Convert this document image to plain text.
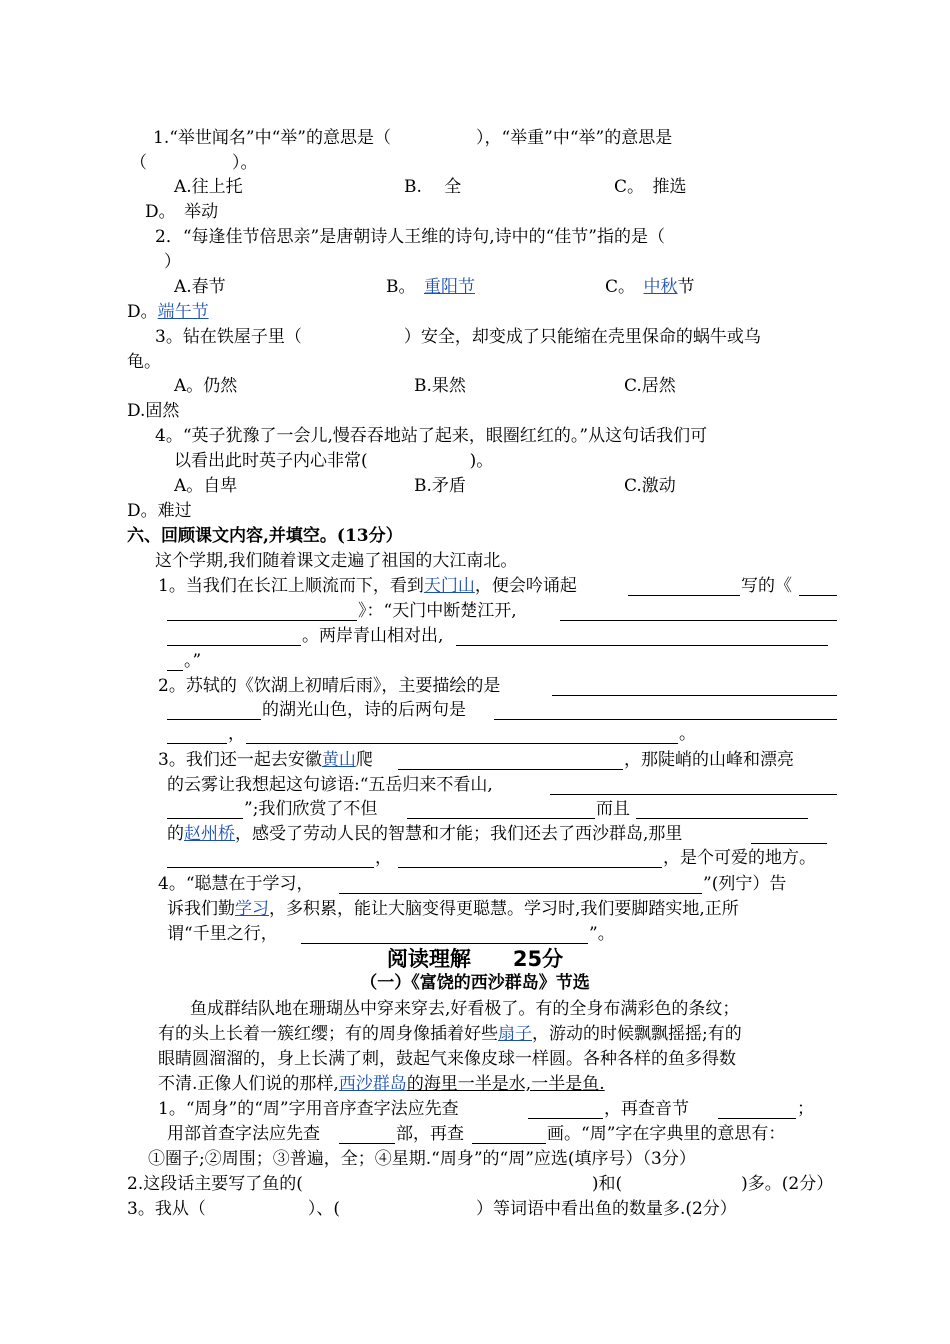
1.“举世闻名”中“举”的意思是（　　　　　），“举重”中“举”的意思是
（　　　　　）。
A.往上托	B.　 全	C。　推选
D。　举动
2．“每逢佳节倍思亲”是唐朝诗人王维的诗句,诗中的“佳节”指的是（
）
A.春节	B。　重阳节	C。　中秋节
D。端午节
3。钻在铁屋子里（　　　　　　）安全，却变成了只能缩在壳里保命的蜗牛或乌
龟。
A。仍然	B.果然	C.居然
D.固然
4。“英子犹豫了一会儿,慢吞吞地站了起来，眼圈红红的。”从这句话我们可
以看出此时英子内心非常(　　　　　　)。
A。自卑	B.矛盾	C.激动
D。难过
六、回顾课文内容,并填空。(13分）
这个学期,我们随着课文走遍了祖国的大江南北。
1。当我们在长江上顺流而下，看到天门山，便会吟诵起	写的《
》：“天门中断楚江开,
。两岸青山相对出,
。”
2。苏轼的《饮湖上初晴后雨》，主要描绘的是
的湖光山色，诗的后两句是
，	。
3。我们还一起去安徽黄山爬	，那陡峭的山峰和漂亮
的云雾让我想起这句谚语:“五岳归来不看山,
”;我们欣赏了不但	而且
的赵州桥，感受了劳动人民的智慧和才能；我们还去了西沙群岛,那里
，	，是个可爱的地方。
4。“聪慧在于学习，	”(列宁）告
诉我们勤学习，多积累，能让大脑变得更聪慧。学习时,我们要脚踏实地,正所
谓“千里之行，	”。
阅读理解　　25分
（一）《富饶的西沙群岛》节选
鱼成群结队地在珊瑚丛中穿来穿去,好看极了。有的全身布满彩色的条纹；
有的头上长着一簇红缨；有的周身像插着好些扇子，游动的时候飘飘摇摇;有的
眼睛圆溜溜的，身上长满了刺，鼓起气来像皮球一样圆。各种各样的鱼多得数
不清.正像人们说的那样,西沙群岛的海里一半是水,一半是鱼.
1。“周身”的“周”字用音序查字法应先查	，再查音节	；
用部首查字法应先查	部，再查	画。“周”字在字典里的意思有：
①圈子;②周围；③普遍，全；④星期.“周身”的“周”应选(填序号）（3分）
2.这段话主要写了鱼的(　　　　　　　　　　　　　　　　　)和(　　　　　　　)多。(2分）
3。我从（　　　　　　）、(　　　　　　　　）等词语中看出鱼的数量多.(2分）
